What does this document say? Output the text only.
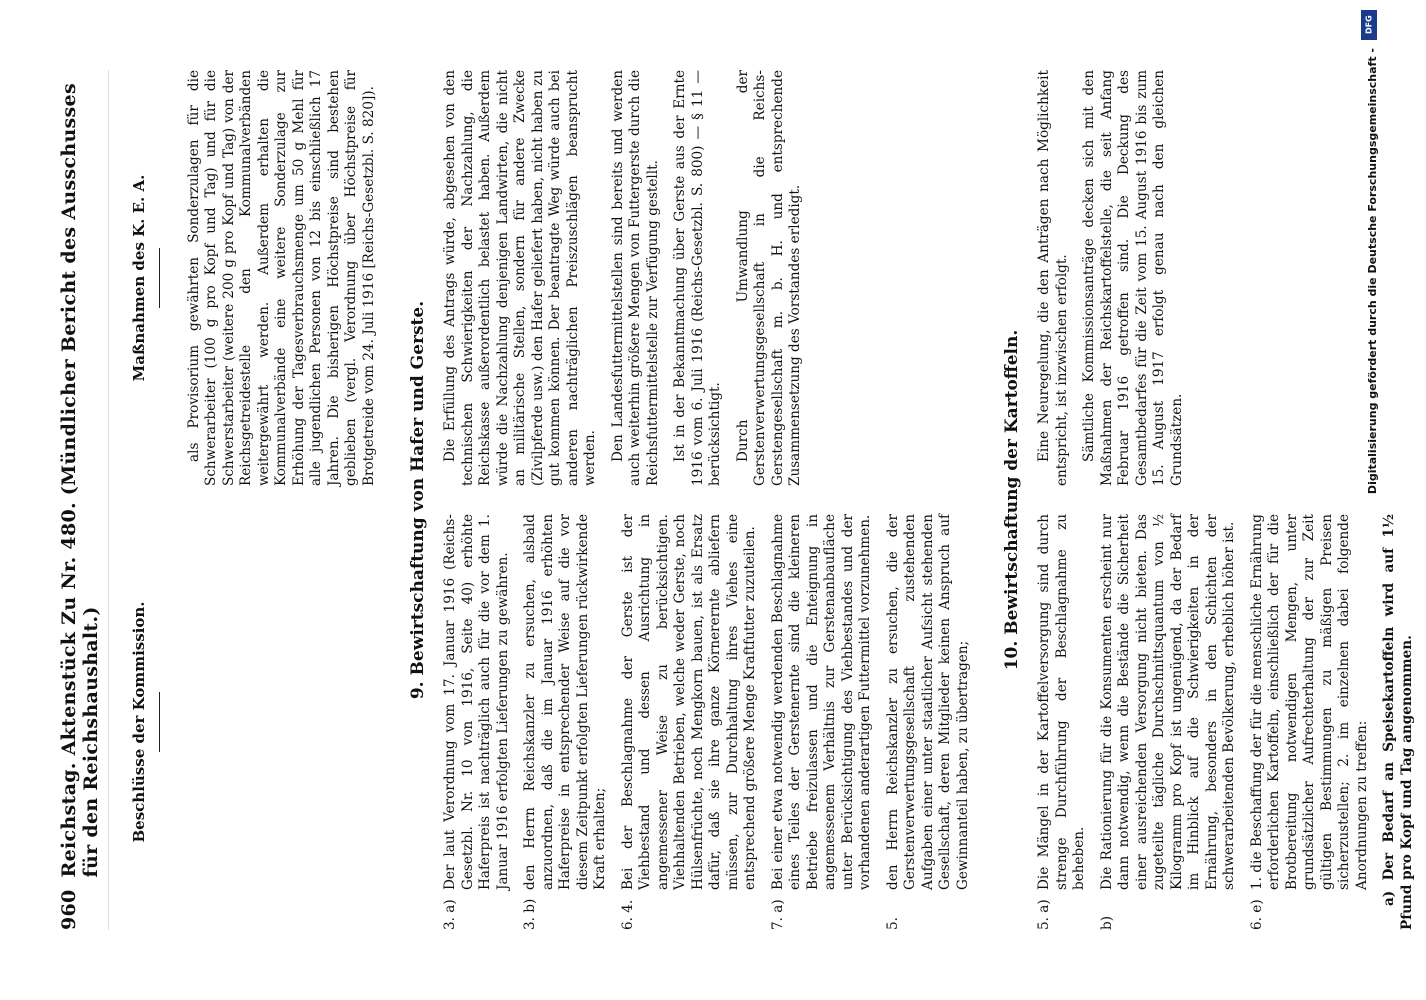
960
Reichstag. Aktenstück Zu Nr. 480. (Mündlicher Bericht des Ausschusses für den Reichshaushalt.) Beschlüsse der Kommission.
Maßnahmen des K. E. A.	als Provisorium gewährten Sonderzulagen für die Schwerarbeiter (100 g pro Kopf und Tag) und für die Schwerstarbeiter (weitere 200 g pro Kopf und Tag) von der Reichsgetreidestelle den Kommunalverbänden weitergewährt werden. Außerdem erhalten die Kommunalverbände eine weitere Sonderzulage zur Erhöhung der Tagesverbrauchsmenge um 50 g Mehl für alle jugendlichen Personen von 12 bis einschließlich 17 Jahren. Die bisherigen Höchstpreise sind bestehen geblieben (vergl. Verordnung über Höchstpreise für Brotgetreide vom 24. Juli 1916 [Reichs-Gesetzbl. S. 820]).
9. Bewirtschaftung von Hafer und Gerste.
3. a)
Der laut Verordnung vom 17. Januar 1916 (Reichs-Gesetzbl. Nr. 10 von 1916, Seite 40) erhöhte Haferpreis ist nachträglich auch für die vor dem 1. Januar 1916 erfolgten Lieferungen zu gewähren.
3. b)
den Herrn Reichskanzler zu ersuchen, alsbald anzuordnen, daß die im Januar 1916 erhöhten Haferpreise in entsprechender Weise auf die vor diesem Zeitpunkt erfolgten Lieferungen rückwirkende Kraft erhalten;
6. 4.
Bei der Beschlagnahme der Gerste ist der Viehbestand und dessen Ausrichtung in angemessener Weise zu berücksichtigen. Viehhaltenden Betrieben, welche weder Gerste, noch Hülsenfrüchte, noch Mengkorn bauen, ist als Ersatz dafür, daß sie ihre ganze Körnerernte abliefern müssen, zur Durchhaltung ihres Viehes eine entsprechend größere Menge Kraftfutter zuzuteilen.
7. a)
Bei einer etwa notwendig werdenden Beschlagnahme eines Teiles der Gerstenernte sind die kleineren Betriebe freizulassen und die Enteignung in angemessenem Verhältnis zur Gerstenanbaufläche unter Berücksichtigung des Viehbestandes und der vorhandenen anderartigen Futtermittel vorzunehmen.
5.
den Herrn Reichskanzler zu ersuchen, die der Gerstenverwertungsgesellschaft zustehenden Aufgaben einer unter staatlicher Aufsicht stehenden Gesellschaft, deren Mitglieder keinen Anspruch auf Gewinnanteil haben, zu übertragen;
Die Erfüllung des Antrags würde, abgesehen von den technischen Schwierigkeiten der Nachzahlung, die Reichskasse außerordentlich belastet haben. Außerdem würde die Nachzahlung denjenigen Landwirten, die nicht an militärische Stellen, sondern für andere Zwecke (Zivilpferde usw.) den Hafer geliefert haben, nicht haben zu gut kommen können. Der beantragte Weg würde auch bei anderen nachträglichen Preiszuschlägen beansprucht werden. Den Landesfuttermittelstellen sind bereits und werden auch weiterhin größere Mengen von Futtergerste durch die Reichsfuttermittelstelle zur Verfügung gestellt. Ist in der Bekanntmachung über Gerste aus der Ernte 1916 vom 6. Juli 1916 (Reichs-Gesetzbl. S. 800) — § 11 — berücksichtigt. Durch Umwandlung der Gerstenverwertungsgesellschaft in die Reichs-Gerstengesellschaft m. b. H. und entsprechende Zusammensetzung des Vorstandes erledigt.	10. Bewirtschaftung der Kartoffeln.
5. a)
Die Mängel in der Kartoffelversorgung sind durch strenge Durchführung der Beschlagnahme zu beheben.
b)
Die Rationierung für die Konsumenten erscheint nur dann notwendig, wenn die Bestände die Sicherheit einer ausreichenden Versorgung nicht bieten. Das zugeteilte tägliche Durchschnittsquantum von ½ Kilogramm pro Kopf ist ungenügend, da der Bedarf im Hinblick auf die Schwierigkeiten in der Ernährung, besonders in den Schichten der schwerarbeitenden Bevölkerung, erheblich höher ist.
6. e)
1. die Beschaffung der für die menschliche Ernährung erforderlichen Kartoffeln, einschließlich der für die Brotbereitung notwendigen Mengen, unter grundsätzlicher Aufrechterhaltung der zur Zeit gültigen Bestimmungen zu mäßigen Preisen sicherzustellen; 2. im einzelnen dabei folgende Anordnungen zu treffen: a) Der Bedarf an Speisekartoffeln wird auf 1½ Pfund pro Kopf und Tag angenommen.
Eine Neuregelung, die den Anträgen nach Möglichkeit entspricht, ist inzwischen erfolgt. Sämtliche Kommissionsanträge decken sich mit den Maßnahmen der Reichskartoffelstelle, die seit Anfang Februar 1916 getroffen sind. Die Deckung des Gesamtbedarfes für die Zeit vom 15. August 1916 bis zum 15. August 1917 erfolgt genau nach den gleichen Grundsätzen.
DFG
Digitalisierung gefördert durch die Deutsche Forschungsgemeinschaft -
